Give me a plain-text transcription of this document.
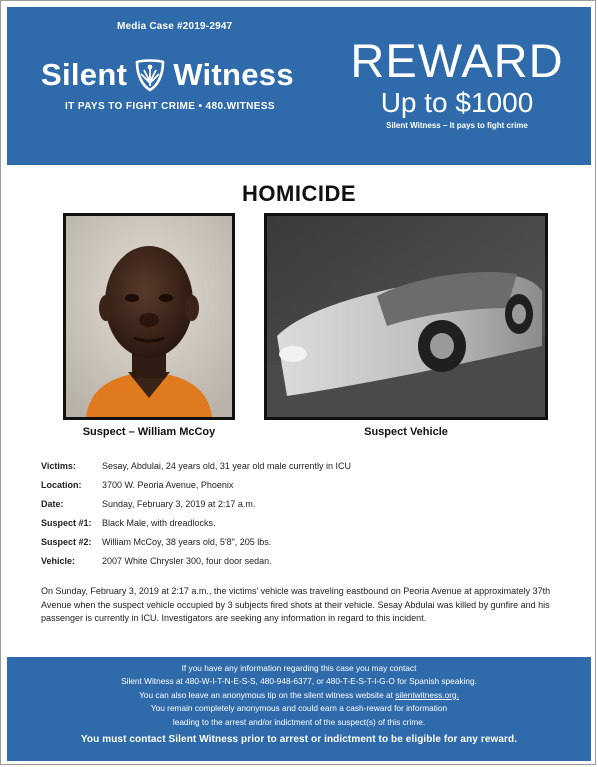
Media Case #2019-2947
Silent Witness
IT PAYS TO FIGHT CRIME • 480.WITNESS
REWARD
Up to $1000
Silent Witness – It pays to fight crime
HOMICIDE
Suspect – William McCoy	Suspect Vehicle
Victims:	Sesay, Abdulai, 24 years old, 31 year old male currently in ICU
Location:	3700 W. Peoria Avenue, Phoenix
Date:	Sunday, February 3, 2019 at 2:17 a.m.
Suspect #1:	Black Male, with dreadlocks.
Suspect #2:	William McCoy, 38 years old, 5'8", 205 lbs.
Vehicle:	2007 White Chrysler 300, four door sedan.
On Sunday, February 3, 2019 at 2:17 a.m., the victims' vehicle was traveling eastbound on Peoria Avenue at approximately 37th Avenue when the suspect vehicle occupied by 3 subjects fired shots at their vehicle. Sesay Abdulai was killed by gunfire and his passenger is currently in ICU. Investigators are seeking any information in regard to this incident.
If you have any information regarding this case you may contact
Silent Witness at 480-W-I-T-N-E-S-S, 480-948-6377, or 480-T-E-S-T-I-G-O for Spanish speaking.
You can also leave an anonymous tip on the silent witness website at silentwitness.org.
You remain completely anonymous and could earn a cash-reward for information
leading to the arrest and/or indictment of the suspect(s) of this crime.
You must contact Silent Witness prior to arrest or indictment to be eligible for any reward.
